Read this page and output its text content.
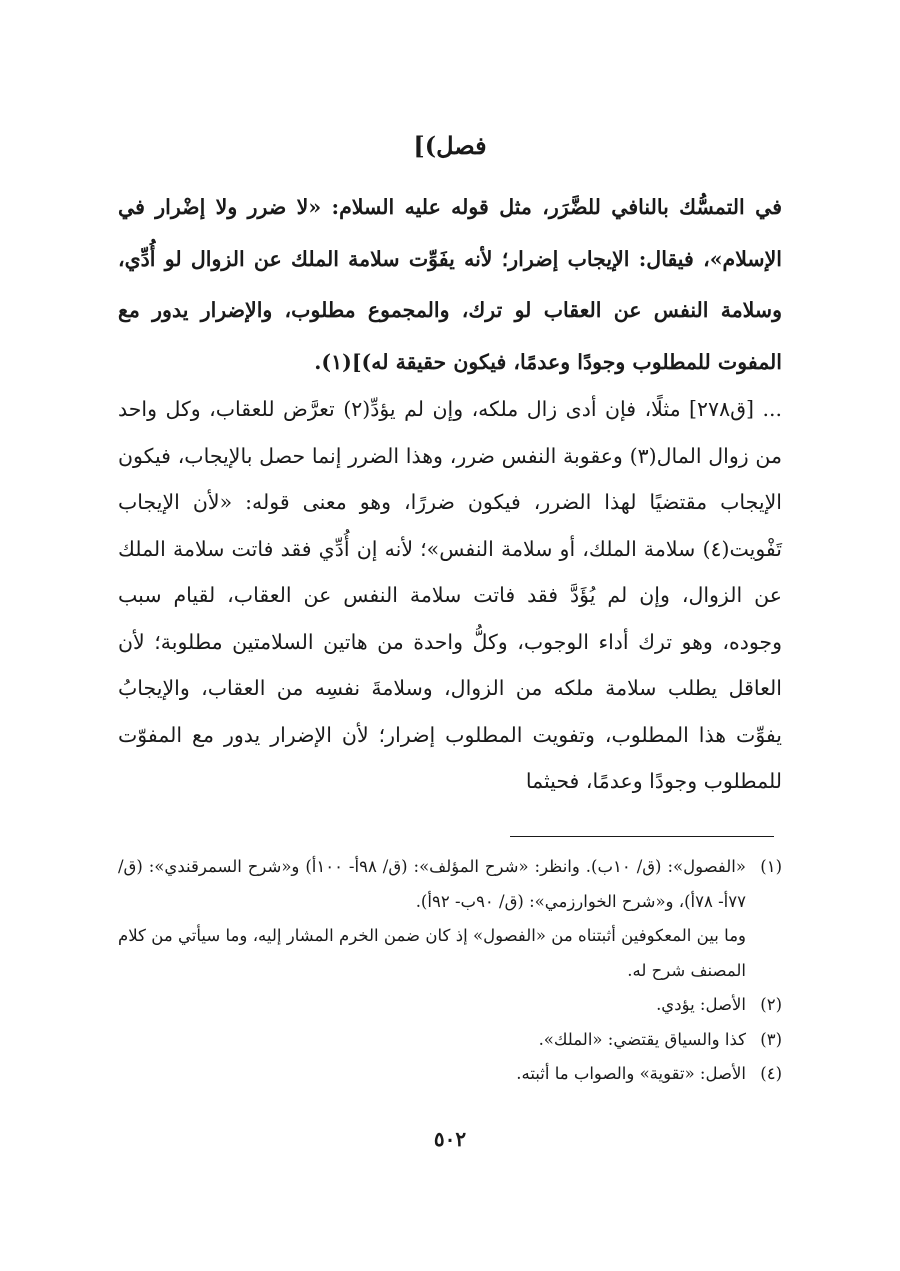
[(فصل

في التمسُّك بالنافي للضَّرَر، مثل قوله عليه السلام: «لا ضرر ولا إضْرار في الإسلام»، فيقال: الإيجاب إضرار؛ لأنه يفَوِّت سلامة الملك عن الزوال لو أُدِّي، وسلامة النفس عن العقاب لو ترك، والمجموع مطلوب، والإضرار يدور مع المفوت للمطلوب وجودًا وعدمًا، فيكون حقيقة له)](١).

... [ق٢٧٨] مثلًا، فإن أدى زال ملكه، وإن لم يؤدِّ(٢) تعرَّض للعقاب، وكل واحد من زوال المال(٣) وعقوبة النفس ضرر، وهذا الضرر إنما حصل بالإيجاب، فيكون الإيجاب مقتضيًا لهذا الضرر، فيكون ضررًا، وهو معنى قوله: «لأن الإيجاب تَفْويت(٤) سلامة الملك، أو سلامة النفس»؛ لأنه إن أُدِّي فقد فاتت سلامة الملك عن الزوال، وإن لم يُؤَدَّ فقد فاتت سلامة النفس عن العقاب، لقيام سبب وجوده، وهو ترك أداء الوجوب، وكلُّ واحدة من هاتين السلامتين مطلوبة؛ لأن العاقل يطلب سلامة ملكه من الزوال، وسلامةَ نفسِه من العقاب، والإيجابُ يفوِّت هذا المطلوب، وتفويت المطلوب إضرار؛ لأن الإضرار يدور مع المفوّت للمطلوب وجودًا وعدمًا، فحيثما

(١)
«الفصول»: (ق/ ١٠ب). وانظر: «شرح المؤلف»: (ق/ ٩٨أ- ١٠٠أ) و«شرح السمرقندي»: (ق/ ٧٧أ- ٧٨أ)، و«شرح الخوارزمي»: (ق/ ٩٠ب- ٩٢أ).
وما بين المعكوفين أثبتناه من «الفصول» إذ كان ضمن الخرم المشار إليه، وما سيأتي من كلام المصنف شرح له.
(٢)
الأصل: يؤدي.
(٣)
كذا والسياق يقتضي: «الملك».
(٤)
الأصل: «تقوية» والصواب ما أثبته.
٥٠٢
